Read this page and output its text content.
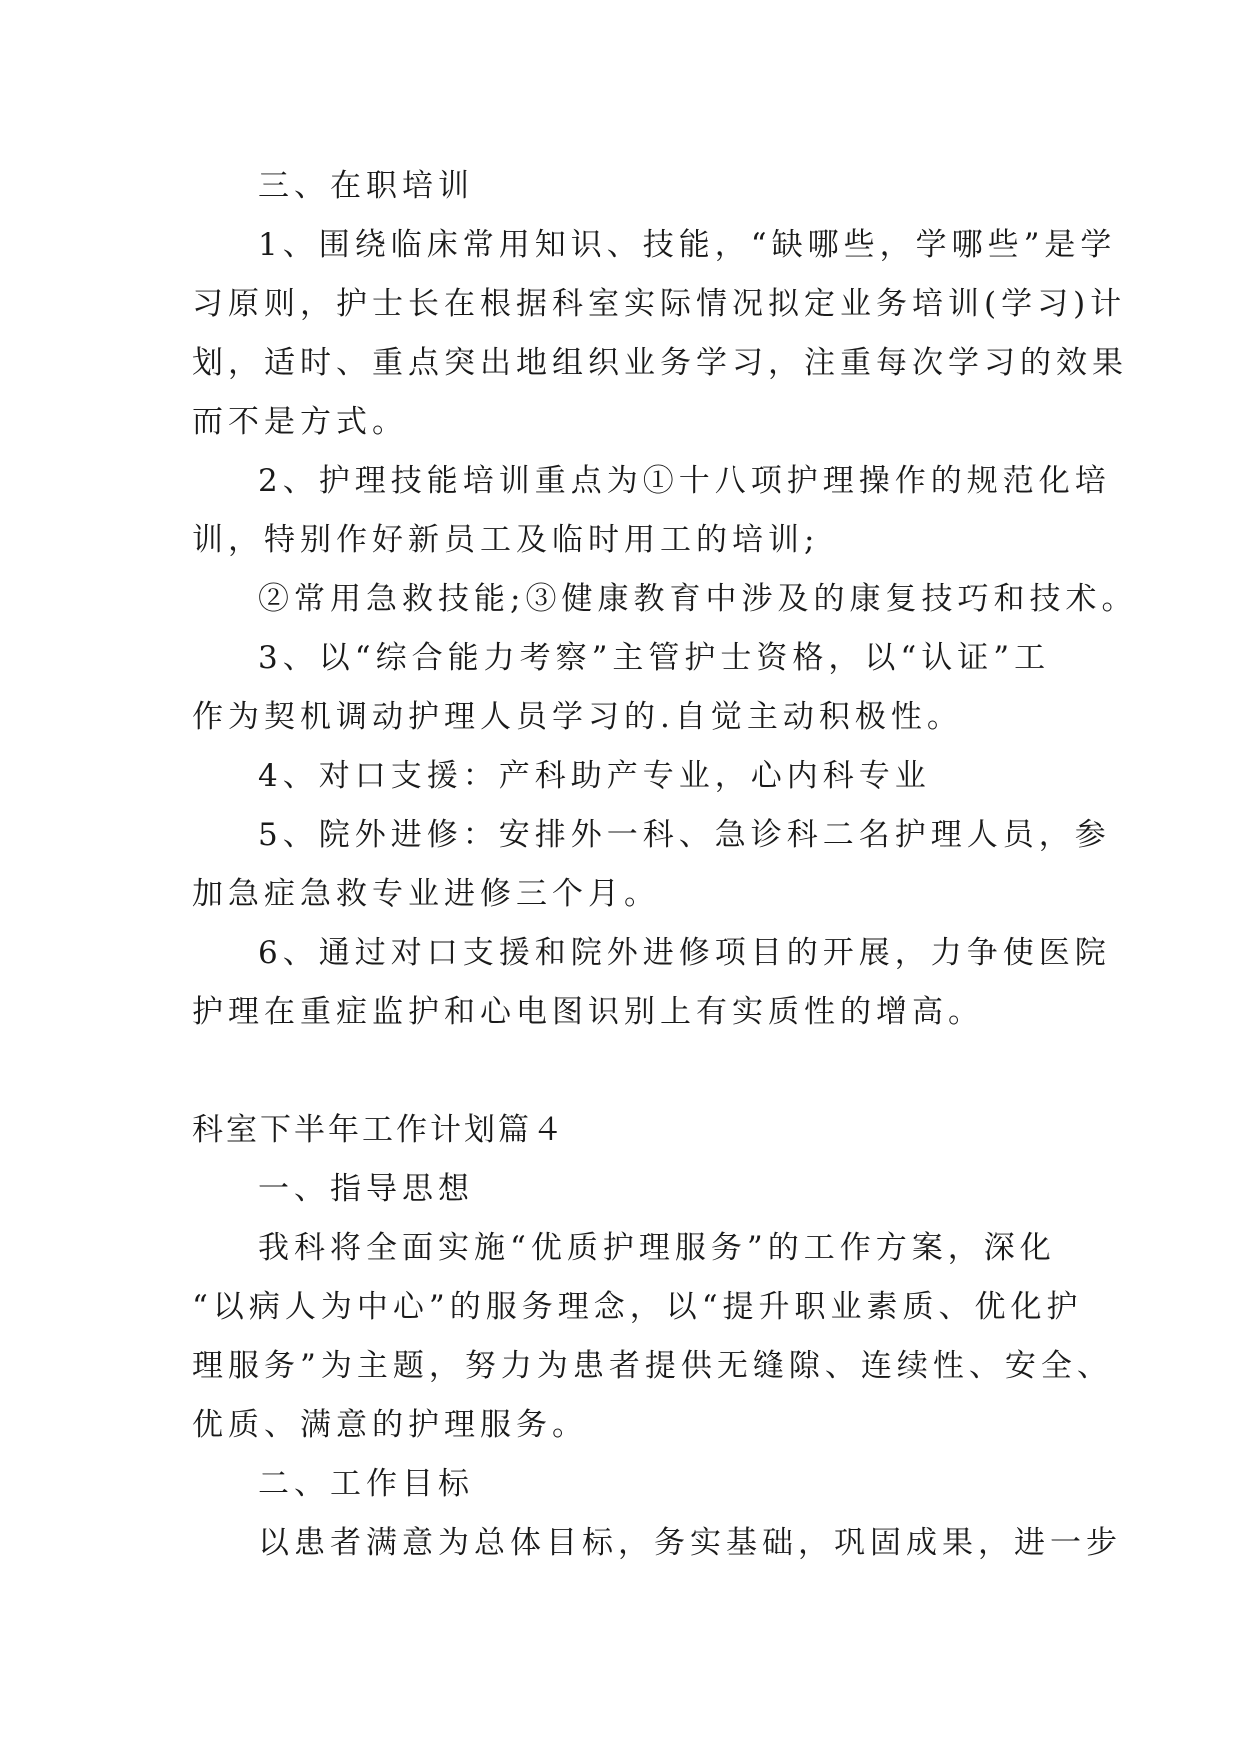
三、在职培训
1、围绕临床常用知识、技能，“缺哪些，学哪些”是学
习原则，护士长在根据科室实际情况拟定业务培训(学习)计
划，适时、重点突出地组织业务学习，注重每次学习的效果
而不是方式。
2、护理技能培训重点为①十八项护理操作的规范化培
训，特别作好新员工及临时用工的培训;
②常用急救技能;③健康教育中涉及的康复技巧和技术。
3、以“综合能力考察”主管护士资格，以“认证”工
作为契机调动护理人员学习的.自觉主动积极性。
4、对口支援：产科助产专业，心内科专业
5、院外进修：安排外一科、急诊科二名护理人员，参
加急症急救专业进修三个月。
6、通过对口支援和院外进修项目的开展，力争使医院
护理在重症监护和心电图识别上有实质性的增高。
科室下半年工作计划篇４
一、指导思想
我科将全面实施“优质护理服务”的工作方案，深化
“以病人为中心”的服务理念，以“提升职业素质、优化护
理服务”为主题，努力为患者提供无缝隙、连续性、安全、
优质、满意的护理服务。
二、工作目标
以患者满意为总体目标，务实基础，巩固成果，进一步
